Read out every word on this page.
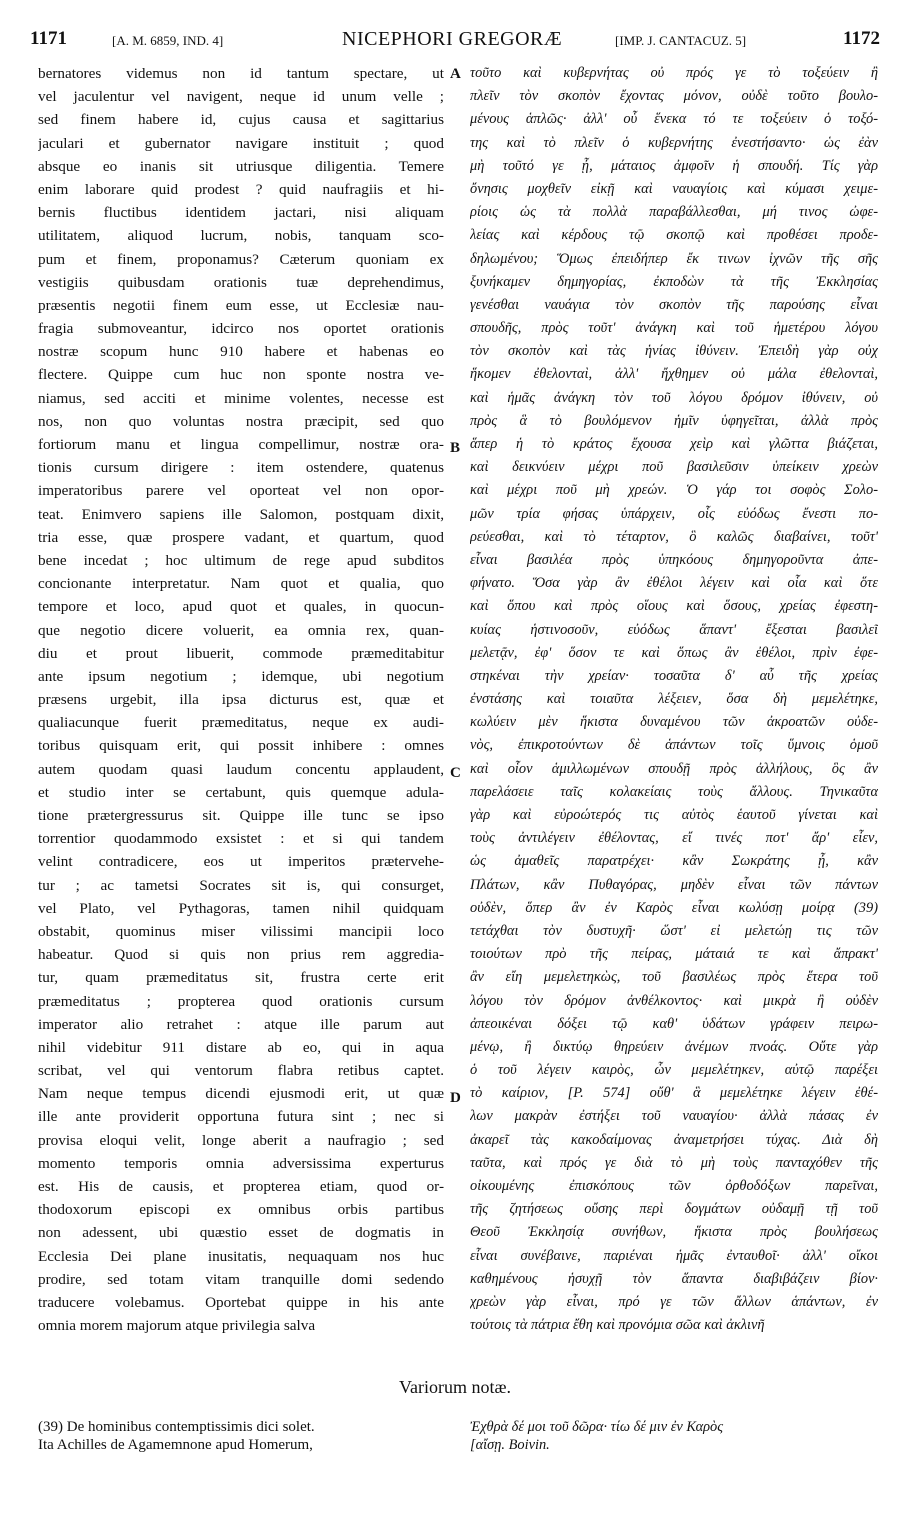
1171	[A. M. 6859, IND. 4]	NICEPHORI GREGORÆ	[IMP. J. CANTACUZ. 5]	1172
bernatores videmus non id tantum spectare, ut
vel jaculentur vel navigent, neque id unum velle ;
sed finem habere id, cujus causa et sagittarius
jaculari et gubernator navigare instituit ; quod
absque eo inanis sit utriusque diligentia. Temere
enim laborare quid prodest ? quid naufragiis et hi-
bernis fluctibus identidem jactari, nisi aliquam
utilitatem, aliquod lucrum, nobis, tanquam sco-
pum et finem, proponamus? Cæterum quoniam ex
vestigiis quibusdam orationis tuæ deprehendimus,
præsentis negotii finem eum esse, ut Ecclesiæ nau-
fragia submoveantur, idcirco nos oportet orationis
nostræ scopum hunc 910 habere et habenas eo
flectere. Quippe cum huc non sponte nostra ve-
niamus, sed acciti et minime volentes, necesse est
nos, non quo voluntas nostra præcipit, sed quo
fortiorum manu et lingua compellimur, nostræ ora-
tionis cursum dirigere : item ostendere, quatenus
imperatoribus parere vel oporteat vel non opor-
teat. Enimvero sapiens ille Salomon, postquam dixit,
tria esse, quæ prospere vadant, et quartum, quod
bene incedat ; hoc ultimum de rege apud subditos
concionante interpretatur. Nam quot et qualia, quo
tempore et loco, apud quot et quales, in quocun-
que negotio dicere voluerit, ea omnia rex, quan-
diu et prout libuerit, commode præmeditabitur
ante ipsum negotium ; idemque, ubi negotium
præsens urgebit, illa ipsa dicturus est, quæ et
qualiacunque fuerit præmeditatus, neque ex audi-
toribus quisquam erit, qui possit inhibere : omnes
autem quodam quasi laudum concentu applaudent,
et studio inter se certabunt, quis quemque adula-
tione prætergressurus sit. Quippe ille tunc se ipso
torrentior quodammodo exsistet : et si qui tandem
velint contradicere, eos ut imperitos prætervehe-
tur ; ac tametsi Socrates sit is, qui consurget,
vel Plato, vel Pythagoras, tamen nihil quidquam
obstabit, quominus miser vilissimi mancipii loco
habeatur. Quod si quis non prius rem aggredia-
tur, quam præmeditatus sit, frustra certe erit
præmeditatus ; propterea quod orationis cursum
imperator alio retrahet : atque ille parum aut
nihil videbitur 911 distare ab eo, qui in aqua
scribat, vel qui ventorum flabra retibus captet.
Nam neque tempus dicendi ejusmodi erit, ut quæ
ille ante providerit opportuna futura sint ; nec si
provisa eloqui velit, longe aberit a naufragio ; sed
momento temporis omnia adversissima experturus
est. His de causis, et propterea etiam, quod or-
thodoxorum episcopi ex omnibus orbis partibus
non adessent, ubi quæstio esset de dogmatis in
Ecclesia Dei plane inusitatis, nequaquam nos huc
prodire, sed totam vitam tranquille domi sedendo
traducere volebamus. Oportebat quippe in his ante
omnia morem majorum atque privilegia salva
A
B
C
D
τοῦτο καὶ κυβερνήτας οὐ πρός γε τὸ τοξεύειν ἢ
πλεῖν τὸν σκοπὸν ἔχοντας μόνον, οὐδὲ τοῦτο βουλο-
μένους ἁπλῶς· ἀλλ' οὗ ἕνεκα τό τε τοξεύειν ὁ τοξό-
της καὶ τὸ πλεῖν ὁ κυβερνήτης ἐνεστήσαντο· ὡς ἐὰν
μὴ τοῦτό γε ᾖ, μάταιος ἀμφοῖν ἡ σπουδή. Τίς γὰρ
ὄνησις μοχθεῖν εἰκῇ καὶ ναυαγίοις καὶ κύμασι χειμε-
ρίοις ὡς τὰ πολλὰ παραβάλλεσθαι, μή τινος ὠφε-
λείας καὶ κέρδους τῷ σκοπῷ καὶ προθέσει προδε-
δηλωμένου; Ὅμως ἐπειδήπερ ἔκ τινων ἰχνῶν τῆς σῆς
ξυνήκαμεν δημηγορίας, ἐκποδὼν τὰ τῆς Ἐκκλησίας
γενέσθαι ναυάγια τὸν σκοπὸν τῆς παρούσης εἶναι
σπουδῆς, πρὸς τοῦτ' ἀνάγκη καὶ τοῦ ἡμετέρου λόγου
τὸν σκοπὸν καὶ τὰς ἡνίας ἰθύνειν. Ἐπειδὴ γὰρ οὐχ
ἥκομεν ἐθελονταὶ, ἀλλ' ἤχθημεν οὐ μάλα ἐθελονταὶ,
καὶ ἡμᾶς ἀνάγκη τὸν τοῦ λόγου δρόμον ἰθύνειν, οὐ
πρὸς ἃ τὸ βουλόμενον ἡμῖν ὑφηγεῖται, ἀλλὰ πρὸς
ἅπερ ἡ τὸ κράτος ἔχουσα χεὶρ καὶ γλῶττα βιάζεται,
καὶ δεικνύειν μέχρι ποῦ βασιλεῦσιν ὑπείκειν χρεὼν
καὶ μέχρι ποῦ μὴ χρεών. Ὁ γάρ τοι σοφὸς Σολο-
μῶν τρία φήσας ὑπάρχειν, οἷς εὐόδως ἔνεστι πο-
ρεύεσθαι, καὶ τὸ τέταρτον, ὃ καλῶς διαβαίνει, τοῦτ'
εἶναι βασιλέα πρὸς ὑπηκόους δημηγοροῦντα ἀπε-
φήνατο. Ὅσα γὰρ ἂν ἐθέλοι λέγειν καὶ οἷα καὶ ὅτε
καὶ ὅπου καὶ πρὸς οἵους καὶ ὅσους, χρείας ἐφεστη-
κυίας ἡστινοσοῦν, εὐόδως ἅπαντ' ἔξεσται βασιλεῖ
μελετᾷν, ἐφ' ὅσον τε καὶ ὅπως ἂν ἐθέλοι, πρὶν ἐφε-
στηκέναι τὴν χρείαν· τοσαῦτα δ' αὖ τῆς χρείας
ἐνστάσης καὶ τοιαῦτα λέξειεν, ὅσα δὴ μεμελέτηκε,
κωλύειν μὲν ἥκιστα δυναμένου τῶν ἀκροατῶν οὐδε-
νὸς, ἐπικροτούντων δὲ ἁπάντων τοῖς ὕμνοις ὁμοῦ
καὶ οἷον ἁμιλλωμένων σπουδῇ πρὸς ἀλλήλους, ὃς ἂν
παρελάσειε ταῖς κολακείαις τοὺς ἄλλους. Τηνικαῦτα
γὰρ καὶ εὐροώτερός τις αὐτὸς ἑαυτοῦ γίνεται καὶ
τοὺς ἀντιλέγειν ἐθέλοντας, εἴ τινές ποτ' ἄρ' εἶεν,
ὡς ἀμαθεῖς παρατρέχει· κἂν Σωκράτης ᾖ, κἂν
Πλάτων, κἂν Πυθαγόρας, μηδὲν εἶναι τῶν πάντων
οὐδὲν, ὅπερ ἂν ἐν Καρὸς εἶναι κωλύσῃ μοίρᾳ (39)
τετάχθαι τὸν δυστυχῆ· ὥστ' εἰ μελετώῃ τις τῶν
τοιούτων πρὸ τῆς πείρας, μάταιά τε καὶ ἄπρακτ'
ἂν εἴη μεμελετηκὼς, τοῦ βασιλέως πρὸς ἕτερα τοῦ
λόγου τὸν δρόμον ἀνθέλκοντος· καὶ μικρὰ ἢ οὐδὲν
ἀπεοικέναι δόξει τῷ καθ' ὑδάτων γράφειν πειρω-
μένῳ, ἢ δικτύῳ θηρεύειν ἀνέμων πνοάς. Οὔτε γὰρ
ὁ τοῦ λέγειν καιρὸς, ὧν μεμελέτηκεν, αὐτῷ παρέξει
τὸ καίριον, [P. 574] οὔθ' ἃ μεμελέτηκε λέγειν ἐθέ-
λων μακρὰν ἐστήξει τοῦ ναυαγίου· ἀλλὰ πάσας ἐν
ἀκαρεῖ τὰς κακοδαίμονας ἀναμετρήσει τύχας. Διὰ δὴ
ταῦτα, καὶ πρός γε διὰ τὸ μὴ τοὺς πανταχόθεν τῆς
οἰκουμένης ἐπισκόπους τῶν ὀρθοδόξων παρεῖναι,
τῆς ζητήσεως οὔσης περὶ δογμάτων οὐδαμῇ τῇ τοῦ
Θεοῦ Ἐκκλησίᾳ συνήθων, ἥκιστα πρὸς βουλήσεως
εἶναι συνέβαινε, παριέναι ἡμᾶς ἐνταυθοῖ· ἀλλ' οἴκοι
καθημένους ἡσυχῇ τὸν ἅπαντα διαβιβάζειν βίον·
χρεὼν γὰρ εἶναι, πρό γε τῶν ἄλλων ἁπάντων, ἐν
τούτοις τὰ πάτρια ἔθη καὶ προνόμια σῶα καὶ ἀκλινῆ
Variorum notæ.
(39) De hominibus contemptissimis dici solet.
Ita Achilles de Agamemnone apud Homerum,
Ἐχθρὰ δέ μοι τοῦ δῶρα· τίω δέ μιν ἐν Καρὸς
[αἴσῃ. Boivin.
